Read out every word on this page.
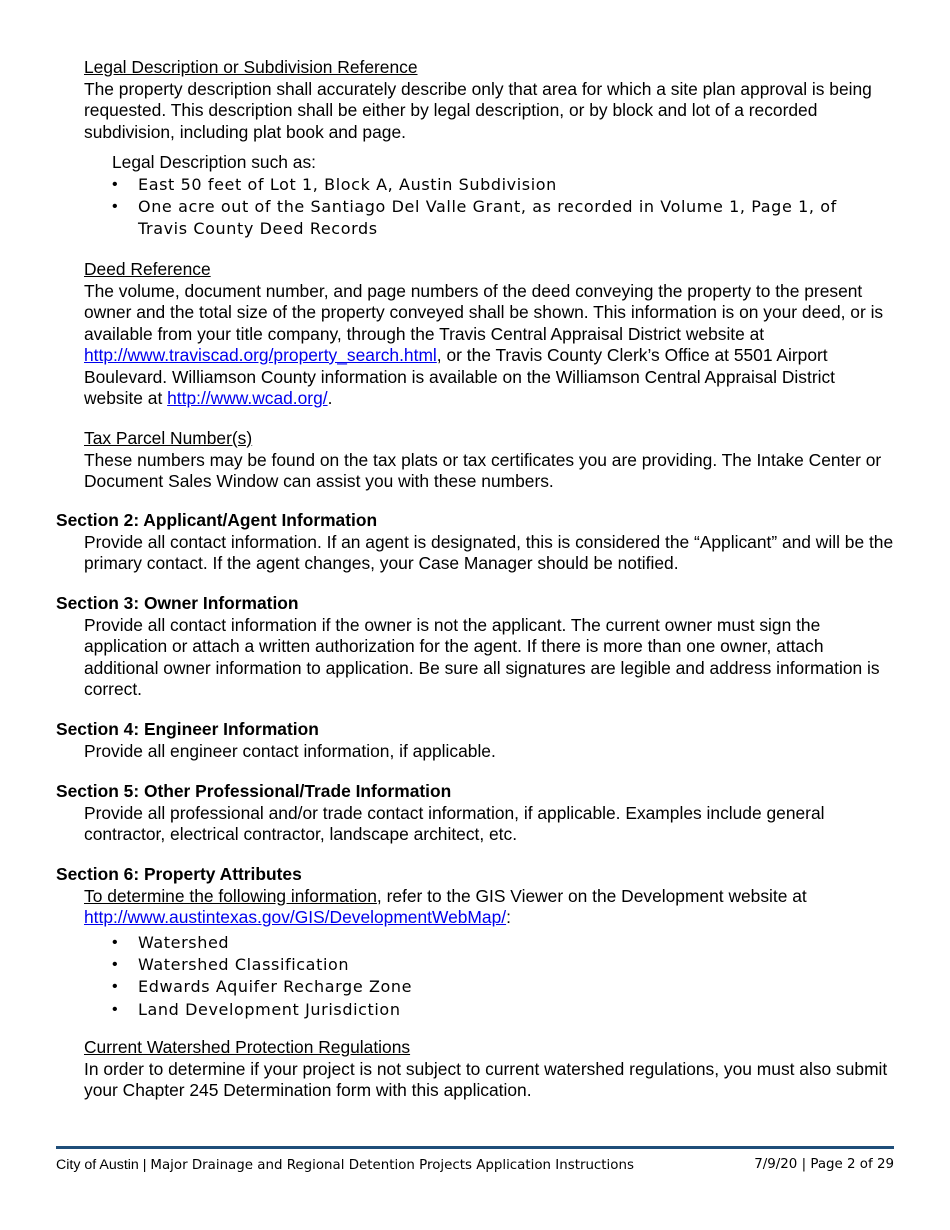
Legal Description or Subdivision Reference
The property description shall accurately describe only that area for which a site plan approval is being requested. This description shall be either by legal description, or by block and lot of a recorded subdivision, including plat book and page.
Legal Description such as:
• East 50 feet of Lot 1, Block A, Austin Subdivision
• One acre out of the Santiago Del Valle Grant, as recorded in Volume 1, Page 1, of Travis County Deed Records
Deed Reference
The volume, document number, and page numbers of the deed conveying the property to the present owner and the total size of the property conveyed shall be shown. This information is on your deed, or is available from your title company, through the Travis Central Appraisal District website at http://www.traviscad.org/property_search.html, or the Travis County Clerk’s Office at 5501 Airport Boulevard. Williamson County information is available on the Williamson Central Appraisal District website at http://www.wcad.org/.
Tax Parcel Number(s)
These numbers may be found on the tax plats or tax certificates you are providing. The Intake Center or Document Sales Window can assist you with these numbers.
Section 2: Applicant/Agent Information
Provide all contact information. If an agent is designated, this is considered the “Applicant” and will be the primary contact. If the agent changes, your Case Manager should be notified.
Section 3: Owner Information
Provide all contact information if the owner is not the applicant. The current owner must sign the application or attach a written authorization for the agent. If there is more than one owner, attach additional owner information to application. Be sure all signatures are legible and address information is correct.
Section 4: Engineer Information
Provide all engineer contact information, if applicable.
Section 5: Other Professional/Trade Information
Provide all professional and/or trade contact information, if applicable. Examples include general contractor, electrical contractor, landscape architect, etc.
Section 6: Property Attributes
To determine the following information, refer to the GIS Viewer on the Development website at
http://www.austintexas.gov/GIS/DevelopmentWebMap/:
• Watershed
• Watershed Classification
• Edwards Aquifer Recharge Zone
• Land Development Jurisdiction
Current Watershed Protection Regulations
In order to determine if your project is not subject to current watershed regulations, you must also submit your Chapter 245 Determination form with this application.
City of Austin | Major Drainage and Regional Detention Projects Application Instructions	7/9/20 | Page 2 of 29
